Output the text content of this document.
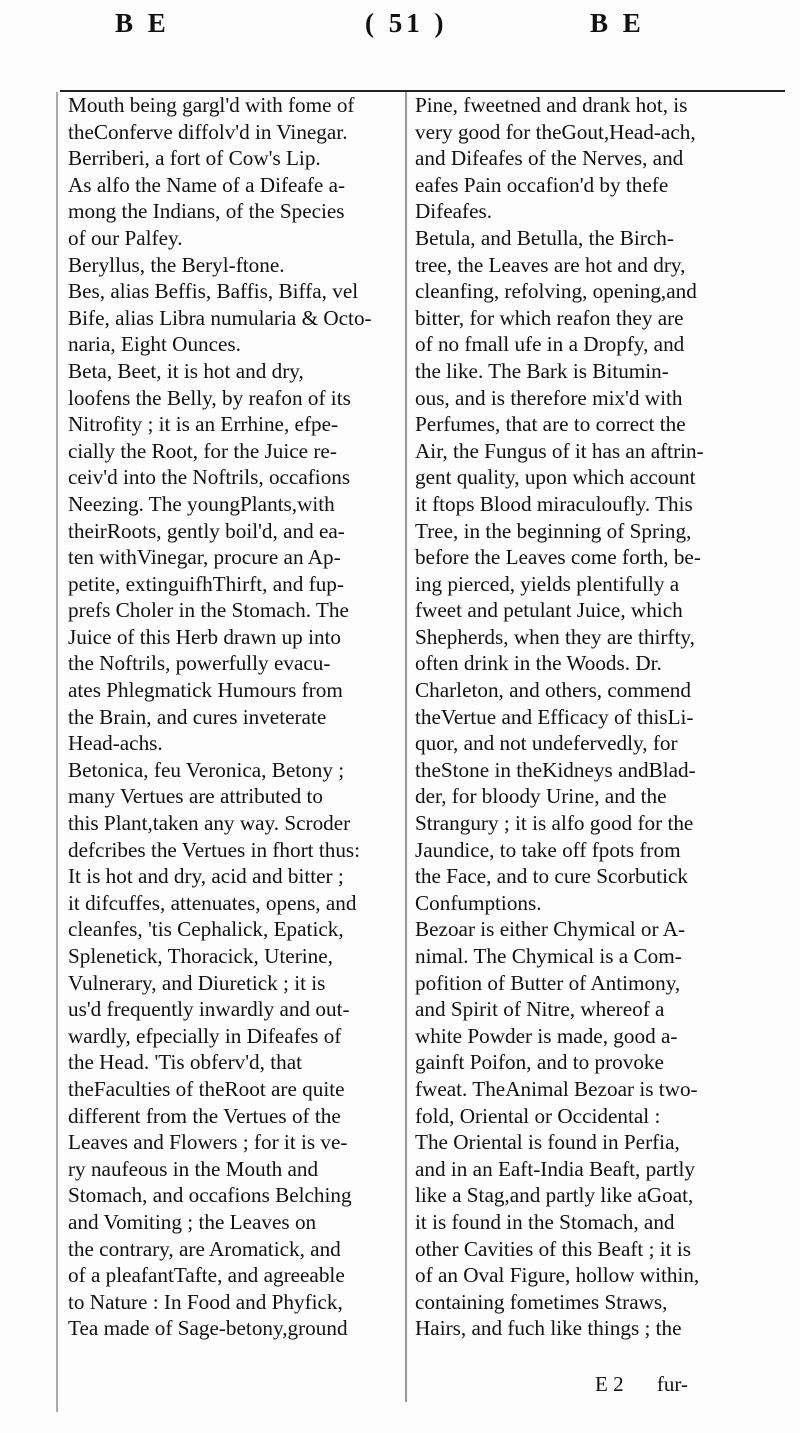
B E	( 51 )	B E
Mouth being gargl'd with fome of
theConferve diffolv'd in Vinegar.
Berriberi, a fort of Cow's Lip.
As alfo the Name of a Difeafe a-
mong the Indians, of the Species
of our Palfey.
Beryllus, the Beryl-ftone.
Bes, alias Beffis, Baffis, Biffa, vel
Bife, alias Libra numularia & Octo-
naria, Eight Ounces.
Beta, Beet, it is hot and dry,
loofens the Belly, by reafon of its
Nitrofity ; it is an Errhine, efpe-
cially the Root, for the Juice re-
ceiv'd into the Noftrils, occafions
Neezing. The youngPlants,with
theirRoots, gently boil'd, and ea-
ten withVinegar, procure an Ap-
petite, extinguifhThirft, and fup-
prefs Choler in the Stomach. The
Juice of this Herb drawn up into
the Noftrils, powerfully evacu-
ates Phlegmatick Humours from
the Brain, and cures inveterate
Head-achs.
Betonica, feu Veronica, Betony ;
many Vertues are attributed to
this Plant,taken any way. Scroder
defcribes the Vertues in fhort thus:
It is hot and dry, acid and bitter ;
it difcuffes, attenuates, opens, and
cleanfes, 'tis Cephalick, Epatick,
Splenetick, Thoracick, Uterine,
Vulnerary, and Diuretick ; it is
us'd frequently inwardly and out-
wardly, efpecially in Difeafes of
the Head. 'Tis obferv'd, that
theFaculties of theRoot are quite
different from the Vertues of the
Leaves and Flowers ; for it is ve-
ry naufeous in the Mouth and
Stomach, and occafions Belching
and Vomiting ; the Leaves on
the contrary, are Aromatick, and
of a pleafantTafte, and agreeable
to Nature : In Food and Phyfick,
Tea made of Sage-betony,ground
Pine, fweetned and drank hot, is
very good for theGout,Head-ach,
and Difeafes of the Nerves, and
eafes Pain occafion'd by thefe
Difeafes.
Betula, and Betulla, the Birch-
tree, the Leaves are hot and dry,
cleanfing, refolving, opening,and
bitter, for which reafon they are
of no fmall ufe in a Dropfy, and
the like. The Bark is Bitumin-
ous, and is therefore mix'd with
Perfumes, that are to correct the
Air, the Fungus of it has an aftrin-
gent quality, upon which account
it ftops Blood miraculoufly. This
Tree, in the beginning of Spring,
before the Leaves come forth, be-
ing pierced, yields plentifully a
fweet and petulant Juice, which
Shepherds, when they are thirfty,
often drink in the Woods. Dr.
Charleton, and others, commend
theVertue and Efficacy of thisLi-
quor, and not undefervedly, for
theStone in theKidneys andBlad-
der, for bloody Urine, and the
Strangury ; it is alfo good for the
Jaundice, to take off fpots from
the Face, and to cure Scorbutick
Confumptions.
Bezoar is either Chymical or A-
nimal. The Chymical is a Com-
pofition of Butter of Antimony,
and Spirit of Nitre, whereof a
white Powder is made, good a-
gainft Poifon, and to provoke
fweat. TheAnimal Bezoar is two-
fold, Oriental or Occidental :
The Oriental is found in Perfia,
and in an Eaft-India Beaft, partly
like a Stag,and partly like aGoat,
it is found in the Stomach, and
other Cavities of this Beaft ; it is
of an Oval Figure, hollow within,
containing fometimes Straws,
Hairs, and fuch like things ; the
E 2 fur-
